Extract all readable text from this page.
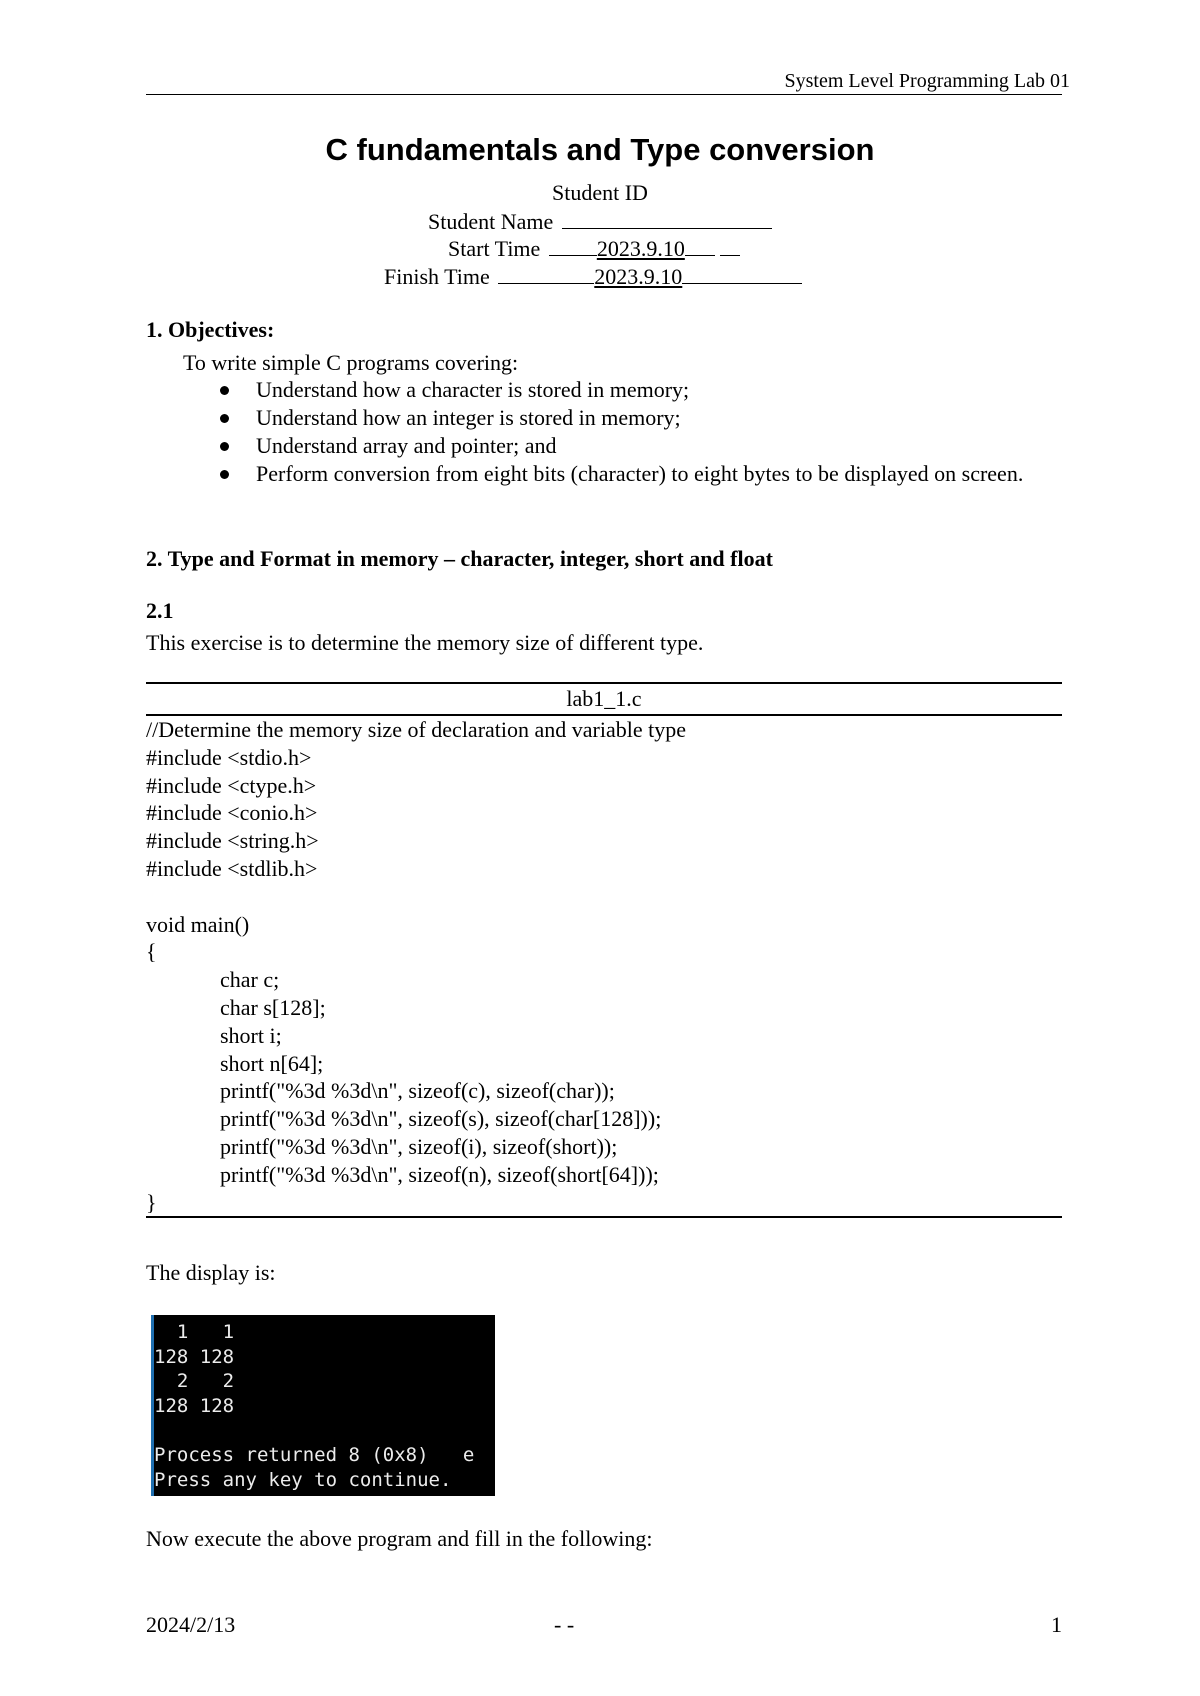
System Level Programming Lab 01
C fundamentals and Type conversion
Student ID
Student Name
Start Time	2023.9.10
Finish Time	2023.9.10
1. Objectives:
To write simple C programs covering:
Understand how a character is stored in memory;
Understand how an integer is stored in memory;
Understand array and pointer; and
Perform conversion from eight bits (character) to eight bytes to be displayed on screen.
2. Type and Format in memory – character, integer, short and float
2.1
This exercise is to determine the memory size of different type.
lab1_1.c
//Determine the memory size of declaration and variable type
#include <stdio.h>
#include <ctype.h>
#include <conio.h>
#include <string.h>
#include <stdlib.h>
void main()
{
char c;
char s[128];
short i;
short n[64];
printf("%3d %3d\n", sizeof(c), sizeof(char));
printf("%3d %3d\n", sizeof(s), sizeof(char[128]));
printf("%3d %3d\n", sizeof(i), sizeof(short));
printf("%3d %3d\n", sizeof(n), sizeof(short[64]));
}
The display is:
1   1
128 128
2   2
128 128
Process returned 8 (0x8)   e
Press any key to continue.
Now execute the above program and fill in the following:
2024/2/13	- -	1
